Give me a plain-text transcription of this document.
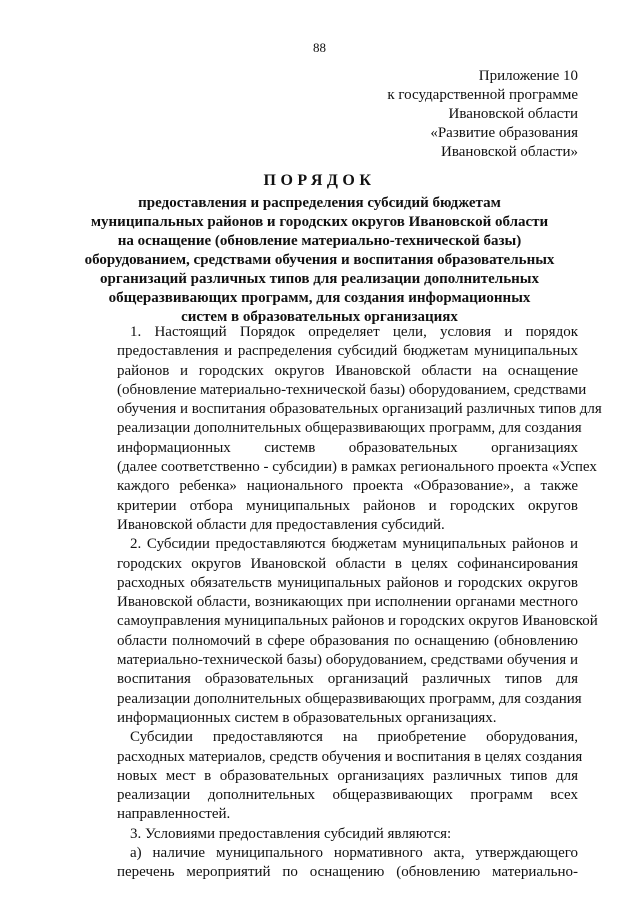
88
Приложение 10
к государственной программе
Ивановской области
«Развитие образования
Ивановской области»
ПОРЯДОК
предоставления и распределения субсидий бюджетам
муниципальных районов и городских округов Ивановской области
на оснащение (обновление материально-технической базы)
оборудованием, средствами обучения и воспитания образовательных
организаций различных типов для реализации дополнительных
общеразвивающих программ, для создания информационных
систем в образовательных организациях
1. Настоящий Порядок определяет цели, условия и порядок
предоставления и распределения субсидий бюджетам муниципальных
районов и городских округов Ивановской области на оснащение
(обновление материально-технической базы) оборудованием, средствами
обучения и воспитания образовательных организаций различных типов для
реализации дополнительных общеразвивающих программ, для создания
информационных системв образовательных организациях
(далее соответственно - субсидии) в рамках регионального проекта «Успех
каждого ребенка» национального проекта «Образование», а также
критерии отбора муниципальных районов и городских округов
Ивановской области для предоставления субсидий.
2. Субсидии предоставляются бюджетам муниципальных районов и
городских округов Ивановской области в целях софинансирования
расходных обязательств муниципальных районов и городских округов
Ивановской области, возникающих при исполнении органами местного
самоуправления муниципальных районов и городских округов Ивановской
области полномочий в сфере образования по оснащению (обновлению
материально-технической базы) оборудованием, средствами обучения и
воспитания образовательных организаций различных типов для
реализации дополнительных общеразвивающих программ, для создания
информационных систем в образовательных организациях.
Субсидии предоставляются на приобретение оборудования,
расходных материалов, средств обучения и воспитания в целях создания
новых мест в образовательных организациях различных типов для
реализации дополнительных общеразвивающих программ всех
направленностей.
3. Условиями предоставления субсидий являются:
а) наличие муниципального нормативного акта, утверждающего
перечень мероприятий по оснащению (обновлению материально-
